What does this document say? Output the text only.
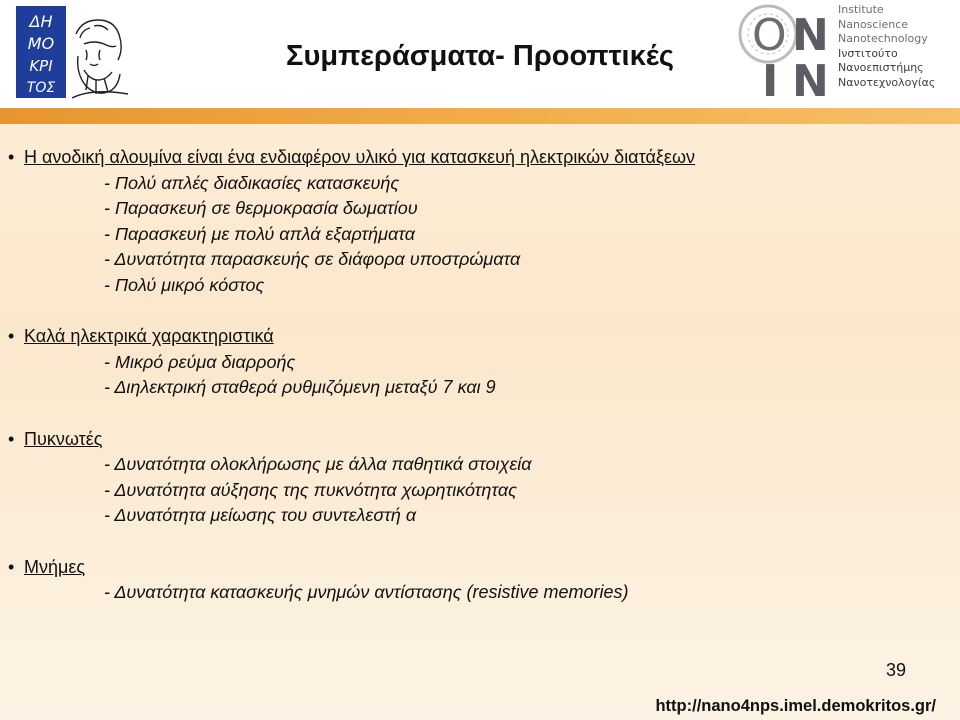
ΔΗ
ΜΟ
ΚΡΙ
ΤΟΣ
Συμπεράσματα- Προοπτικές	O N
I N
Institute
Nanoscience
Nanotechnology
Ινστιτούτο
Νανοεπιστήμης
Νανοτεχνολογίας
• Η ανοδική αλουμίνα είναι ένα ενδιαφέρον υλικό για κατασκευή ηλεκτρικών διατάξεων
- Πολύ απλές διαδικασίες κατασκευής
- Παρασκευή σε θερμοκρασία δωματίου
- Παρασκευή με πολύ απλά εξαρτήματα
- Δυνατότητα παρασκευής σε διάφορα υποστρώματα
- Πολύ μικρό κόστος
• Καλά ηλεκτρικά χαρακτηριστικά
- Μικρό ρεύμα διαρροής
- Διηλεκτρική σταθερά ρυθμιζόμενη μεταξύ 7 και 9
• Πυκνωτές
- Δυνατότητα ολοκλήρωσης με άλλα παθητικά στοιχεία
- Δυνατότητα αύξησης της πυκνότητα χωρητικότητας
- Δυνατότητα μείωσης του συντελεστή α
• Μνήμες
- Δυνατότητα κατασκευής μνημών αντίστασης (resistive memories)
39
http://nano4nps.imel.demokritos.gr/
